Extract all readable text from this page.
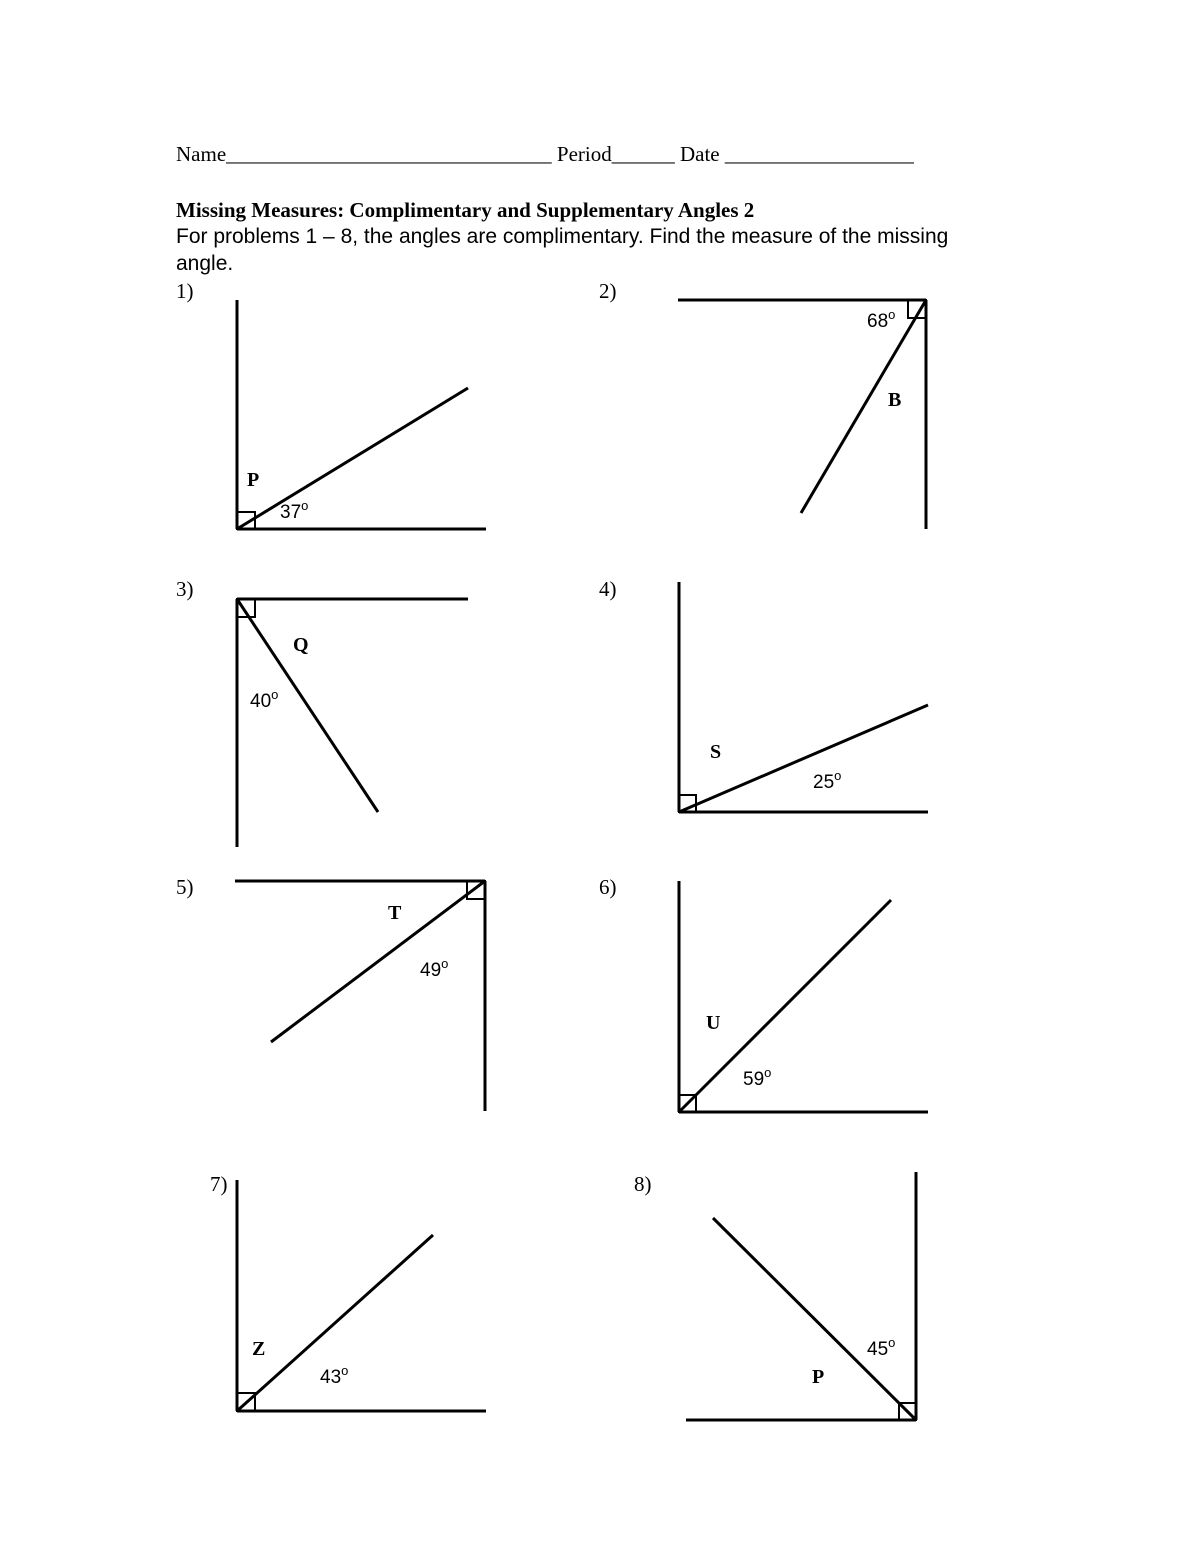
Name_______________________________ Period______ Date __________________
Missing Measures: Complimentary and Supplementary Angles 2
For problems 1 – 8, the angles are complimentary. Find the measure of the missing
angle.
1)	2)
3)	4)
5)	6)
7)	8)
P
37$^o$
68$^o$
B
Q
40$^o$
S
25$^o$
T
49$^o$
U
59$^o$
Z
43$^o$
45$^o$
P
